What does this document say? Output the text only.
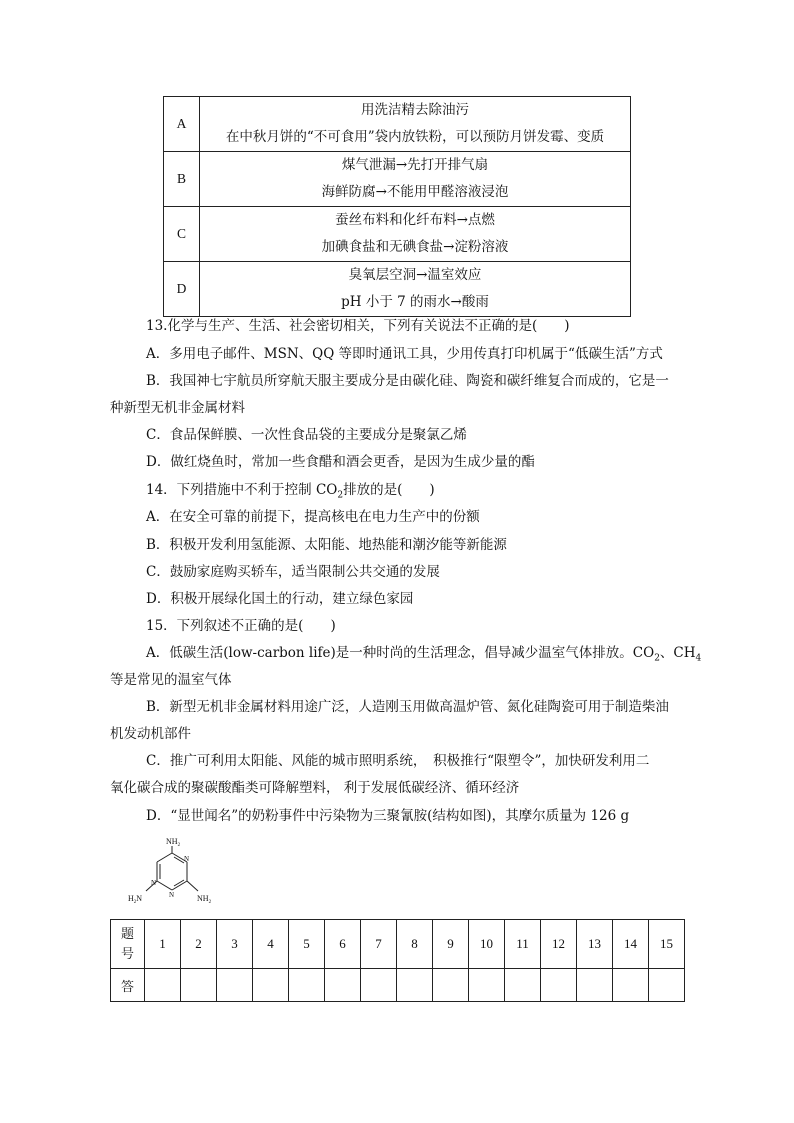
A	用洗洁精去除油污
在中秋月饼的“不可食用”袋内放铁粉，可以预防月饼发霉、变质

B	煤气泄漏→先打开排气扇
海鲜防腐→不能用甲醛溶液浸泡

C	蚕丝布料和化纤布料→点燃
加碘食盐和无碘食盐→淀粉溶液

D	臭氧层空洞→温室效应
pH 小于 7 的雨水→酸雨
13.化学与生产、生活、社会密切相关，下列有关说法不正确的是(　　)
A．多用电子邮件、MSN、QQ 等即时通讯工具，少用传真打印机属于“低碳生活”方式
B．我国神七宇航员所穿航天服主要成分是由碳化硅、陶瓷和碳纤维复合而成的，它是一
种新型无机非金属材料
C．食品保鲜膜、一次性食品袋的主要成分是聚氯乙烯
D．做红烧鱼时，常加一些食醋和酒会更香，是因为生成少量的酯
14．下列措施中不利于控制 $CO_2$排放的是(　　)
A．在安全可靠的前提下，提高核电在电力生产中的份额
B．积极开发利用氢能源、太阳能、地热能和潮汐能等新能源
C．鼓励家庭购买轿车，适当限制公共交通的发展
D．积极开展绿化国土的行动，建立绿色家园
15．下列叙述不正确的是(　　)
A．低碳生活(low-carbon life)是一种时尚的生活理念，倡导减少温室气体排放。$CO_2$、$CH_4$
等是常见的温室气体
B．新型无机非金属材料用途广泛，人造刚玉用做高温炉管、氮化硅陶瓷可用于制造柴油
机发动机部件
C．推广可利用太阳能、风能的城市照明系统，　积极推行“限塑令”，加快研发利用二
氧化碳合成的聚碳酸酯类可降解塑料， 利于发展低碳经济、循环经济
D．“显世闻名”的奶粉事件中污染物为三聚氰胺(结构如图)，其摩尔质量为 126 g
$NH_2$
$H_2N$	$NH_2$
N
N
N
题
号	1	2	3	4	5	6	7	8	9	10	11	12	13	14	15
答															
